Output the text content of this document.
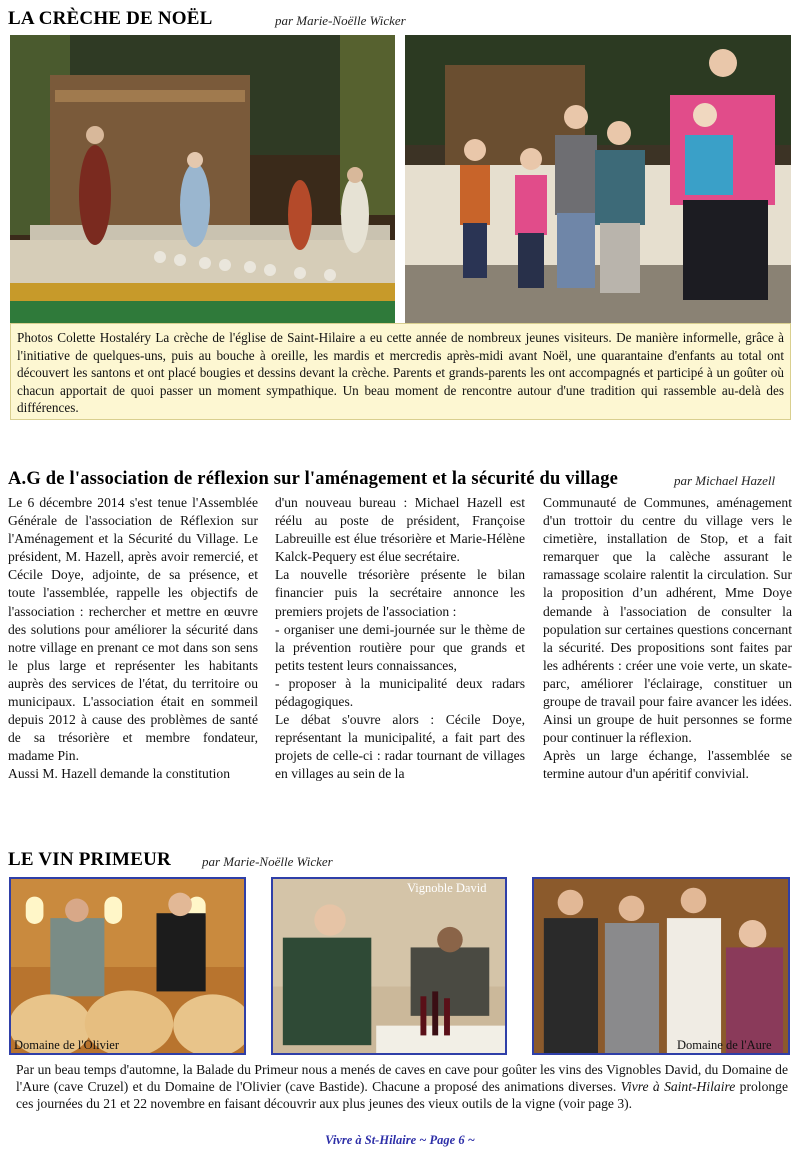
LA CRÈCHE DE NOËL	par Marie-Noëlle Wicker
Photos Colette Hostaléry La crèche de l'église de Saint-Hilaire a eu cette année de nombreux jeunes visiteurs. De manière informelle, grâce à l'initiative de quelques-uns, puis au bouche à oreille, les mardis et mercredis après-midi avant Noël, une quarantaine d'enfants au total ont découvert les santons et ont placé bougies et dessins devant la crèche. Parents et grands-parents les ont accompagnés et participé à un goûter où chacun apportait de quoi passer un moment sympathique. Un beau moment de rencontre autour d'une tradition qui rassemble au-delà des différences.
A.G de l'association de réflexion sur l'aménagement et la sécurité du village	par Michael Hazell

Le 6 décembre 2014 s'est tenue l'Assemblée Générale de l'association de Réflexion sur l'Aménagement et la Sécurité du Village. Le président, M. Hazell, après avoir remercié, et Cécile Doye, adjointe, de sa présence, et toute l'assemblée, rappelle les objectifs de l'association : rechercher et mettre en œuvre des solutions pour améliorer la sécurité dans notre village en prenant ce mot dans son sens le plus large et représenter les habitants auprès des services de l'état, du territoire ou municipaux. L'association était en sommeil depuis 2012 à cause des problèmes de santé de sa trésorière et membre fondateur, madame Pin.

Aussi M. Hazell demande la constitution

d'un nouveau bureau : Michael Hazell est réélu au poste de président, Françoise Labreuille est élue trésorière et Marie-Hélène Kalck-Pequery est élue secrétaire.

La nouvelle trésorière présente le bilan financier puis la secrétaire annonce les premiers projets de l'association :

- organiser une demi-journée sur le thème de la prévention routière pour que grands et petits testent leurs connaissances,

- proposer à la municipalité deux radars pédagogiques.

Le débat s'ouvre alors : Cécile Doye, représentant la municipalité, a fait part des projets de celle-ci : radar tournant de villages en villages au sein de la

Communauté de Communes, aménagement d'un trottoir du centre du village vers le cimetière, installation de Stop, et a fait remarquer que la calèche assurant le ramassage scolaire ralentit la circulation. Sur la proposition d’un adhérent, Mme Doye demande à l'association de consulter la population sur certaines questions concernant la sécurité. Des propositions sont faites par les adhérents : créer une voie verte, un skate-parc, améliorer l'éclairage, constituer un groupe de travail pour faire avancer les idées. Ainsi un groupe de huit personnes se forme pour continuer la réflexion.

Après un large échange, l'assemblée se termine autour d'un apéritif convivial.

LE VIN PRIMEUR par Marie-Noëlle Wicker
Domaine de l'Olivier
Vignoble David
Domaine de l'Aure
Par un beau temps d'automne, la Balade du Primeur nous a menés de caves en cave pour goûter les vins des Vignobles David, du Domaine de l'Aure (cave Cruzel) et du Domaine de l'Olivier (cave Bastide). Chacune a proposé des animations diverses. Vivre à Saint-Hilaire prolonge ces journées du 21 et 22 novembre en faisant découvrir aux plus jeunes des vieux outils de la vigne (voir page 3).
Vivre à St-Hilaire ~ Page 6 ~
